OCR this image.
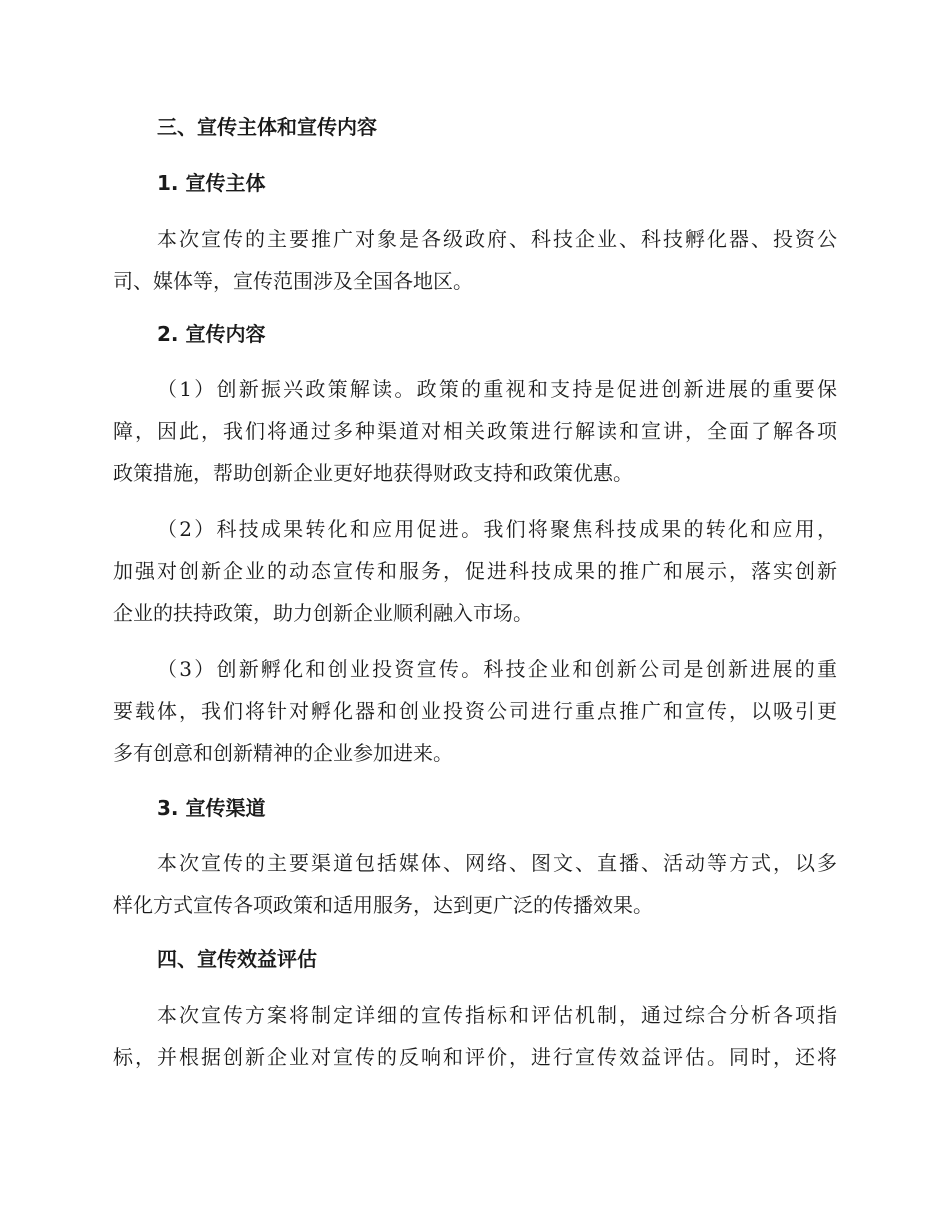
三、宣传主体和宣传内容
1. 宣传主体
本次宣传的主要推广对象是各级政府、科技企业、科技孵化器、投资公
司、媒体等，宣传范围涉及全国各地区。
2. 宣传内容
（1）创新振兴政策解读。政策的重视和支持是促进创新进展的重要保
障，因此，我们将通过多种渠道对相关政策进行解读和宣讲，全面了解各项
政策措施，帮助创新企业更好地获得财政支持和政策优惠。
（2）科技成果转化和应用促进。我们将聚焦科技成果的转化和应用，
加强对创新企业的动态宣传和服务，促进科技成果的推广和展示，落实创新
企业的扶持政策，助力创新企业顺利融入市场。
（3）创新孵化和创业投资宣传。科技企业和创新公司是创新进展的重
要载体，我们将针对孵化器和创业投资公司进行重点推广和宣传，以吸引更
多有创意和创新精神的企业参加进来。
3. 宣传渠道
本次宣传的主要渠道包括媒体、网络、图文、直播、活动等方式，以多
样化方式宣传各项政策和适用服务，达到更广泛的传播效果。
四、宣传效益评估
本次宣传方案将制定详细的宣传指标和评估机制，通过综合分析各项指
标，并根据创新企业对宣传的反响和评价，进行宣传效益评估。同时，还将
